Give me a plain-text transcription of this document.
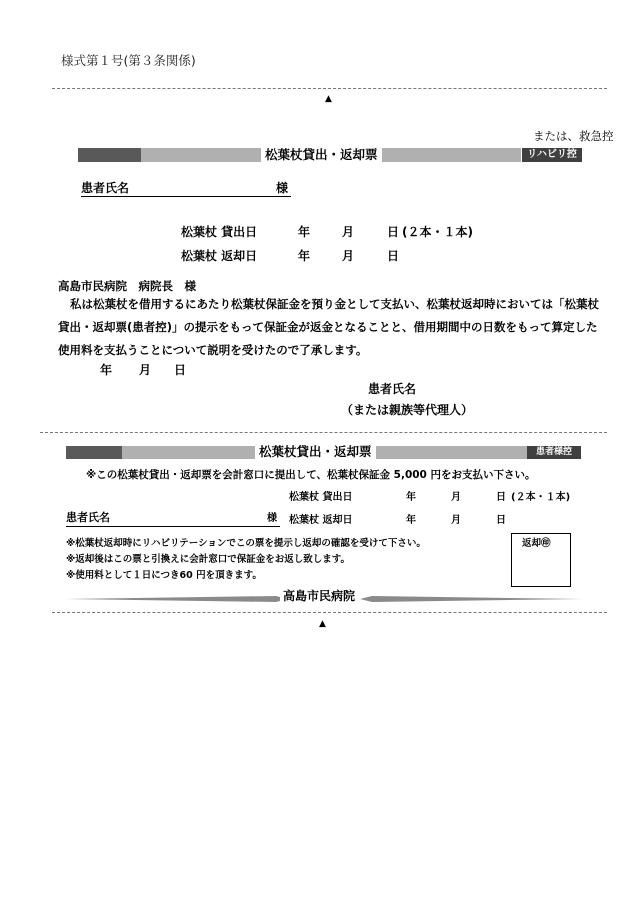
様式第１号(第３条関係)
▲
または、救急控
松葉杖貸出・返却票	リハビリ控
患者氏名	様
松葉杖 貸出日	年	月	日 (２本・１本)
松葉杖 返却日	年	月	日
高島市民病院　病院長　様
私は松葉杖を借用するにあたり松葉杖保証金を預り金として支払い、松葉杖返却時においては「松葉杖
貸出・返却票(患者控)」の提示をもって保証金が返金となることと、借用期間中の日数をもって算定した
使用料を支払うことについて説明を受けたので了承します。
年 月 日
患者氏名
（または親族等代理人）
松葉杖貸出・返却票	患者様控
※この松葉杖貸出・返却票を会計窓口に提出して、松葉杖保証金 5,000 円をお支払い下さい。
松葉杖 貸出日	年	月	日 (２本・１本)
患者氏名	様 松葉杖 返却日	年	月	日
※松葉杖返却時にリハビリテーションでこの票を提示し返却の確認を受けて下さい。
※返却後はこの票と引換えに会計窓口で保証金をお返し致します。
※使用料として１日につき60 円を頂きます。
返却㊞
高島市民病院
▲
